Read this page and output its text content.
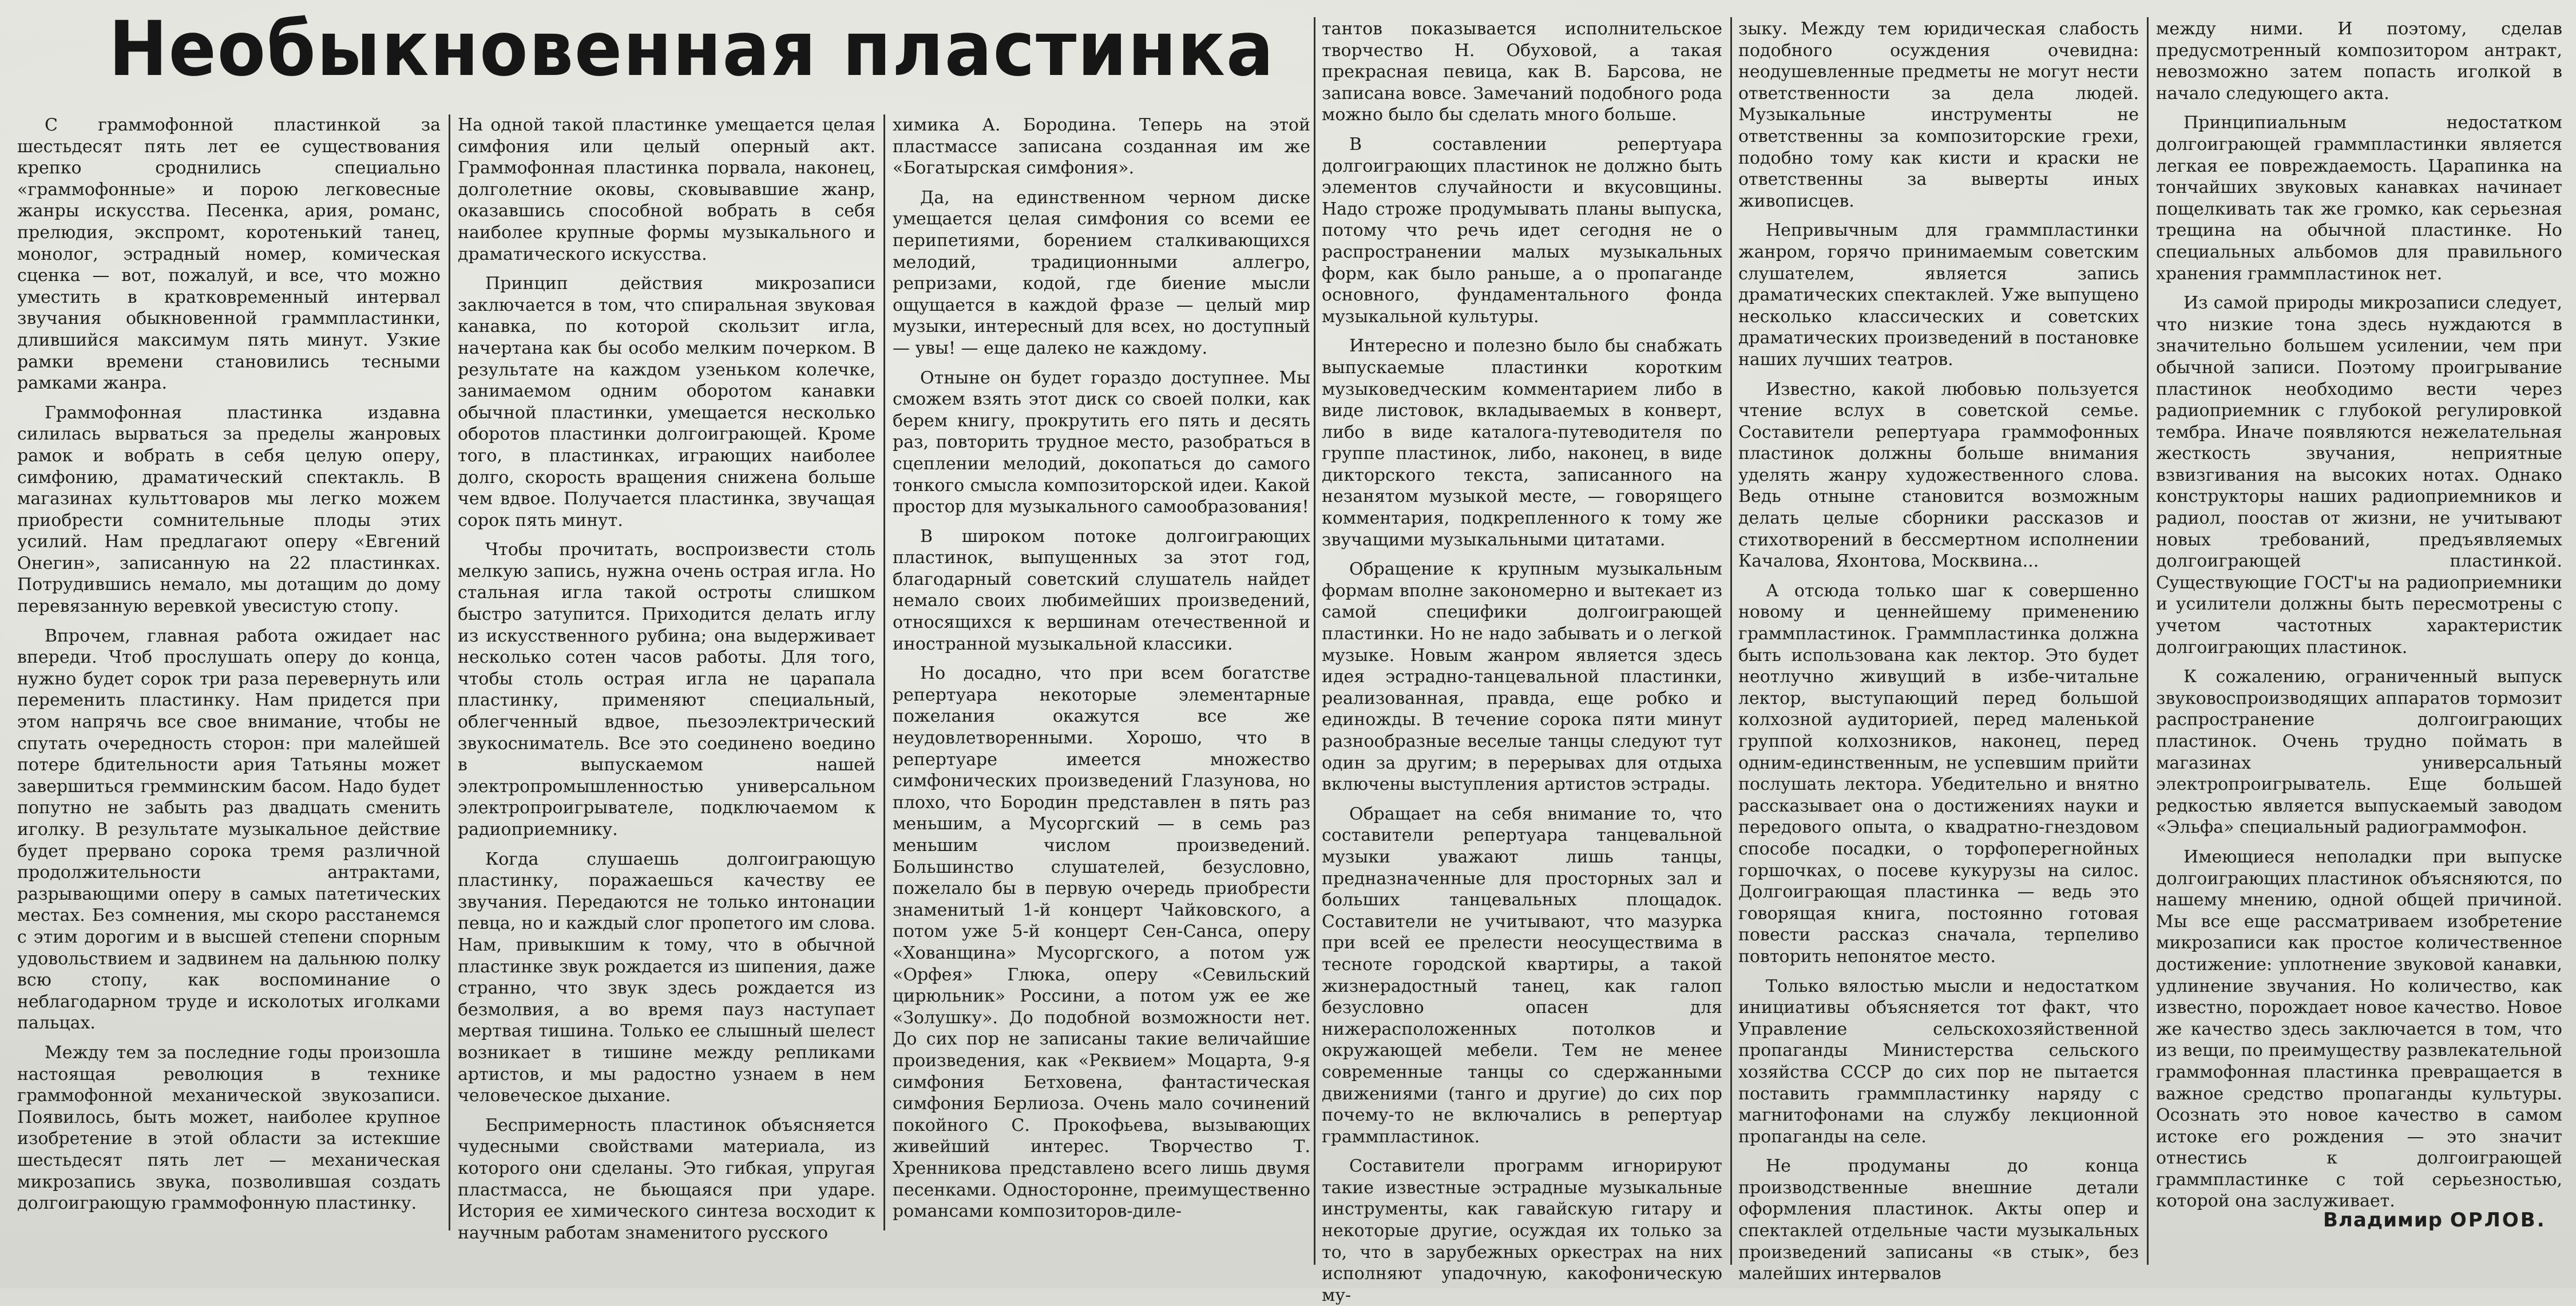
Необыкновенная пластинка

С граммофонной пластинкой за шестьдесят пять лет ее существования крепко сроднились специально «граммофонные» и порою легковесные жанры искусства. Песенка, ария, романс, прелюдия, экспромт, коротенький танец, монолог, эстрадный номер, комическая сценка — вот, пожалуй, и все, что можно уместить в кратковременный интервал звучания обыкновенной граммпластинки, длившийся максимум пять минут. Узкие рамки времени становились тесными рамками жанра.

Граммофонная пластинка издавна силилась вырваться за пределы жанровых рамок и вобрать в себя целую оперу, симфонию, драматический спектакль. В магазинах культтоваров мы легко можем приобрести сомнительные плоды этих усилий. Нам предлагают оперу «Евгений Онегин», записанную на 22 пластинках. Потрудившись немало, мы дотащим до дому перевязанную веревкой увесистую стопу.

Впрочем, главная работа ожидает нас впереди. Чтоб прослушать оперу до конца, нужно будет сорок три раза перевернуть или переменить пластинку. Нам придется при этом напрячь все свое внимание, чтобы не спутать очередность сторон: при малейшей потере бдительности ария Татьяны может завершиться гремминским басом. Надо будет попутно не забыть раз двадцать сменить иголку. В результате музыкальное действие будет прервано сорока тремя различной продолжительности антрактами, разрывающими оперу в самых патетических местах. Без сомнения, мы скоро расстанемся с этим дорогим и в высшей степени спорным удовольствием и задвинем на дальнюю полку всю стопу, как воспоминание о неблагодарном труде и исколотых иголками пальцах.

Между тем за последние годы произошла настоящая революция в технике граммофонной механической звукозаписи. Появилось, быть может, наиболее крупное изобретение в этой области за истекшие шестьдесят пять лет — механическая микрозапись звука, позволившая создать долгоиграющую граммофонную пластинку.

На одной такой пластинке умещается целая симфония или целый оперный акт. Граммофонная пластинка порвала, наконец, долголетние оковы, сковывавшие жанр, оказавшись способной вобрать в себя наиболее крупные формы музыкального и драматического искусства.

Принцип действия микрозаписи заключается в том, что спиральная звуковая канавка, по которой скользит игла, начертана как бы особо мелким почерком. В результате на каждом узеньком колечке, занимаемом одним оборотом канавки обычной пластинки, умещается несколько оборотов пластинки долгоиграющей. Кроме того, в пластинках, играющих наиболее долго, скорость вращения снижена больше чем вдвое. Получается пластинка, звучащая сорок пять минут.

Чтобы прочитать, воспроизвести столь мелкую запись, нужна очень острая игла. Но стальная игла такой остроты слишком быстро затупится. Приходится делать иглу из искусственного рубина; она выдерживает несколько сотен часов работы. Для того, чтобы столь острая игла не царапала пластинку, применяют специальный, облегченный вдвое, пьезоэлектрический звукосниматель. Все это соединено воедино в выпускаемом нашей электропромышленностью универсальном электропроигрывателе, подключаемом к радиоприемнику.

Когда слушаешь долгоиграющую пластинку, поражаешься качеству ее звучания. Передаются не только интонации певца, но и каждый слог пропетого им слова. Нам, привыкшим к тому, что в обычной пластинке звук рождается из шипения, даже странно, что звук здесь рождается из безмолвия, а во время пауз наступает мертвая тишина. Только ее слышный шелест возникает в тишине между репликами артистов, и мы радостно узнаем в нем человеческое дыхание.

Беспримерность пластинок объясняется чудесными свойствами материала, из которого они сделаны. Это гибкая, упругая пластмасса, не бьющаяся при ударе. История ее химического синтеза восходит к научным работам знаменитого русского

химика А. Бородина. Теперь на этой пластмассе записана созданная им же «Богатырская симфония».

Да, на единственном черном диске умещается целая симфония со всеми ее перипетиями, борением сталкивающихся мелодий, традиционными аллегро, репризами, кодой, где биение мысли ощущается в каждой фразе — целый мир музыки, интересный для всех, но доступный — увы! — еще далеко не каждому.

Отныне он будет гораздо доступнее. Мы сможем взять этот диск со своей полки, как берем книгу, прокрутить его пять и десять раз, повторить трудное место, разобраться в сцеплении мелодий, докопаться до самого тонкого смысла композиторской идеи. Какой простор для музыкального самообразования!

В широком потоке долгоиграющих пластинок, выпущенных за этот год, благодарный советский слушатель найдет немало своих любимейших произведений, относящихся к вершинам отечественной и иностранной музыкальной классики.

Но досадно, что при всем богатстве репертуара некоторые элементарные пожелания окажутся все же неудовлетворенными. Хорошо, что в репертуаре имеется множество симфонических произведений Глазунова, но плохо, что Бородин представлен в пять раз меньшим, а Мусоргский — в семь раз меньшим числом произведений. Большинство слушателей, безусловно, пожелало бы в первую очередь приобрести знаменитый 1-й концерт Чайковского, а потом уже 5-й концерт Сен-Санса, оперу «Хованщина» Мусоргского, а потом уж «Орфея» Глюка, оперу «Севильский цирюльник» Россини, а потом уж ее же «Золушку». До подобной возможности нет. До сих пор не записаны такие величайшие произведения, как «Реквием» Моцарта, 9-я симфония Бетховена, фантастическая симфония Берлиоза. Очень мало сочинений покойного С. Прокофьева, вызывающих живейший интерес. Творчество Т. Хренникова представлено всего лишь двумя песенками. Односторонне, преимущественно романсами композиторов-диле-

тантов показывается исполнительское творчество Н. Обуховой, а такая прекрасная певица, как В. Барсова, не записана вовсе. Замечаний подобного рода можно было бы сделать много больше.

В составлении репертуара долгоиграющих пластинок не должно быть элементов случайности и вкусовщины. Надо строже продумывать планы выпуска, потому что речь идет сегодня не о распространении малых музыкальных форм, как было раньше, а о пропаганде основного, фундаментального фонда музыкальной культуры.

Интересно и полезно было бы снабжать выпускаемые пластинки коротким музыковедческим комментарием либо в виде листовок, вкладываемых в конверт, либо в виде каталога-путеводителя по группе пластинок, либо, наконец, в виде дикторского текста, записанного на незанятом музыкой месте, — говорящего комментария, подкрепленного к тому же звучащими музыкальными цитатами.

Обращение к крупным музыкальным формам вполне закономерно и вытекает из самой специфики долгоиграющей пластинки. Но не надо забывать и о легкой музыке. Новым жанром является здесь идея эстрадно-танцевальной пластинки, реализованная, правда, еще робко и единожды. В течение сорока пяти минут разнообразные веселые танцы следуют тут один за другим; в перерывах для отдыха включены выступления артистов эстрады.

Обращает на себя внимание то, что составители репертуара танцевальной музыки уважают лишь танцы, предназначенные для просторных зал и больших танцевальных площадок. Составители не учитывают, что мазурка при всей ее прелести неосуществима в тесноте городской квартиры, а такой жизнерадостный танец, как галоп безусловно опасен для нижерасположенных потолков и окружающей мебели. Тем не менее современные танцы со сдержанными движениями (танго и другие) до сих пор почему-то не включались в репертуар граммпластинок.

Составители программ игнорируют такие известные эстрадные музыкальные инструменты, как гавайскую гитару и некоторые другие, осуждая их только за то, что в зарубежных оркестрах на них исполняют упадочную, какофоническую му-

зыку. Между тем юридическая слабость подобного осуждения очевидна: неодушевленные предметы не могут нести ответственности за дела людей. Музыкальные инструменты не ответственны за композиторские грехи, подобно тому как кисти и краски не ответственны за выверты иных живописцев.

Непривычным для граммпластинки жанром, горячо принимаемым советским слушателем, является запись драматических спектаклей. Уже выпущено несколько классических и советских драматических произведений в постановке наших лучших театров.

Известно, какой любовью пользуется чтение вслух в советской семье. Составители репертуара граммофонных пластинок должны больше внимания уделять жанру художественного слова. Ведь отныне становится возможным делать целые сборники рассказов и стихотворений в бессмертном исполнении Качалова, Яхонтова, Москвина...

А отсюда только шаг к совершенно новому и ценнейшему применению граммпластинок. Граммпластинка должна быть использована как лектор. Это будет неотлучно живущий в избе-читальне лектор, выступающий перед большой колхозной аудиторией, перед маленькой группой колхозников, наконец, перед одним-единственным, не успевшим прийти послушать лектора. Убедительно и внятно рассказывает она о достижениях науки и передового опыта, о квадратно-гнездовом способе посадки, о торфоперегнойных горшочках, о посеве кукурузы на силос. Долгоиграющая пластинка — ведь это говорящая книга, постоянно готовая повести рассказ сначала, терпеливо повторить непонятое место.

Только вялостью мысли и недостатком инициативы объясняется тот факт, что Управление сельскохозяйственной пропаганды Министерства сельского хозяйства СССР до сих пор не пытается поставить граммпластинку наряду с магнитофонами на службу лекционной пропаганды на селе.

Не продуманы до конца производственные внешние детали оформления пластинок. Акты опер и спектаклей отдельные части музыкальных произведений записаны «в стык», без малейших интервалов

между ними. И поэтому, сделав предусмотренный композитором антракт, невозможно затем попасть иголкой в начало следующего акта.

Принципиальным недостатком долгоиграющей граммпластинки является легкая ее повреждаемость. Царапинка на тончайших звуковых канавках начинает пощелкивать так же громко, как серьезная трещина на обычной пластинке. Но специальных альбомов для правильного хранения граммпластинок нет.

Из самой природы микрозаписи следует, что низкие тона здесь нуждаются в значительно большем усилении, чем при обычной записи. Поэтому проигрывание пластинок необходимо вести через радиоприемник с глубокой регулировкой тембра. Иначе появляются нежелательная жесткость звучания, неприятные взвизгивания на высоких нотах. Однако конструкторы наших радиоприемников и радиол, поостав от жизни, не учитывают новых требований, предъявляемых долгоиграющей пластинкой. Существующие ГОСТ'ы на радиоприемники и усилители должны быть пересмотрены с учетом частотных характеристик долгоиграющих пластинок.

К сожалению, ограниченный выпуск звуковоспроизводящих аппаратов тормозит распространение долгоиграющих пластинок. Очень трудно поймать в магазинах универсальный электропроигрыватель. Еще большей редкостью является выпускаемый заводом «Эльфа» специальный радиограммофон.

Имеющиеся неполадки при выпуске долгоиграющих пластинок объясняются, по нашему мнению, одной общей причиной. Мы все еще рассматриваем изобретение микрозаписи как простое количественное достижение: уплотнение звуковой канавки, удлинение звучания. Но количество, как известно, порождает новое качество. Новое же качество здесь заключается в том, что из вещи, по преимуществу развлекательной граммофонная пластинка превращается в важное средство пропаганды культуры. Осознать это новое качество в самом истоке его рождения — это значит отнестись к долгоиграющей граммпластинке с той серьезностью, которой она заслуживает.

Владимир ОРЛОВ.
